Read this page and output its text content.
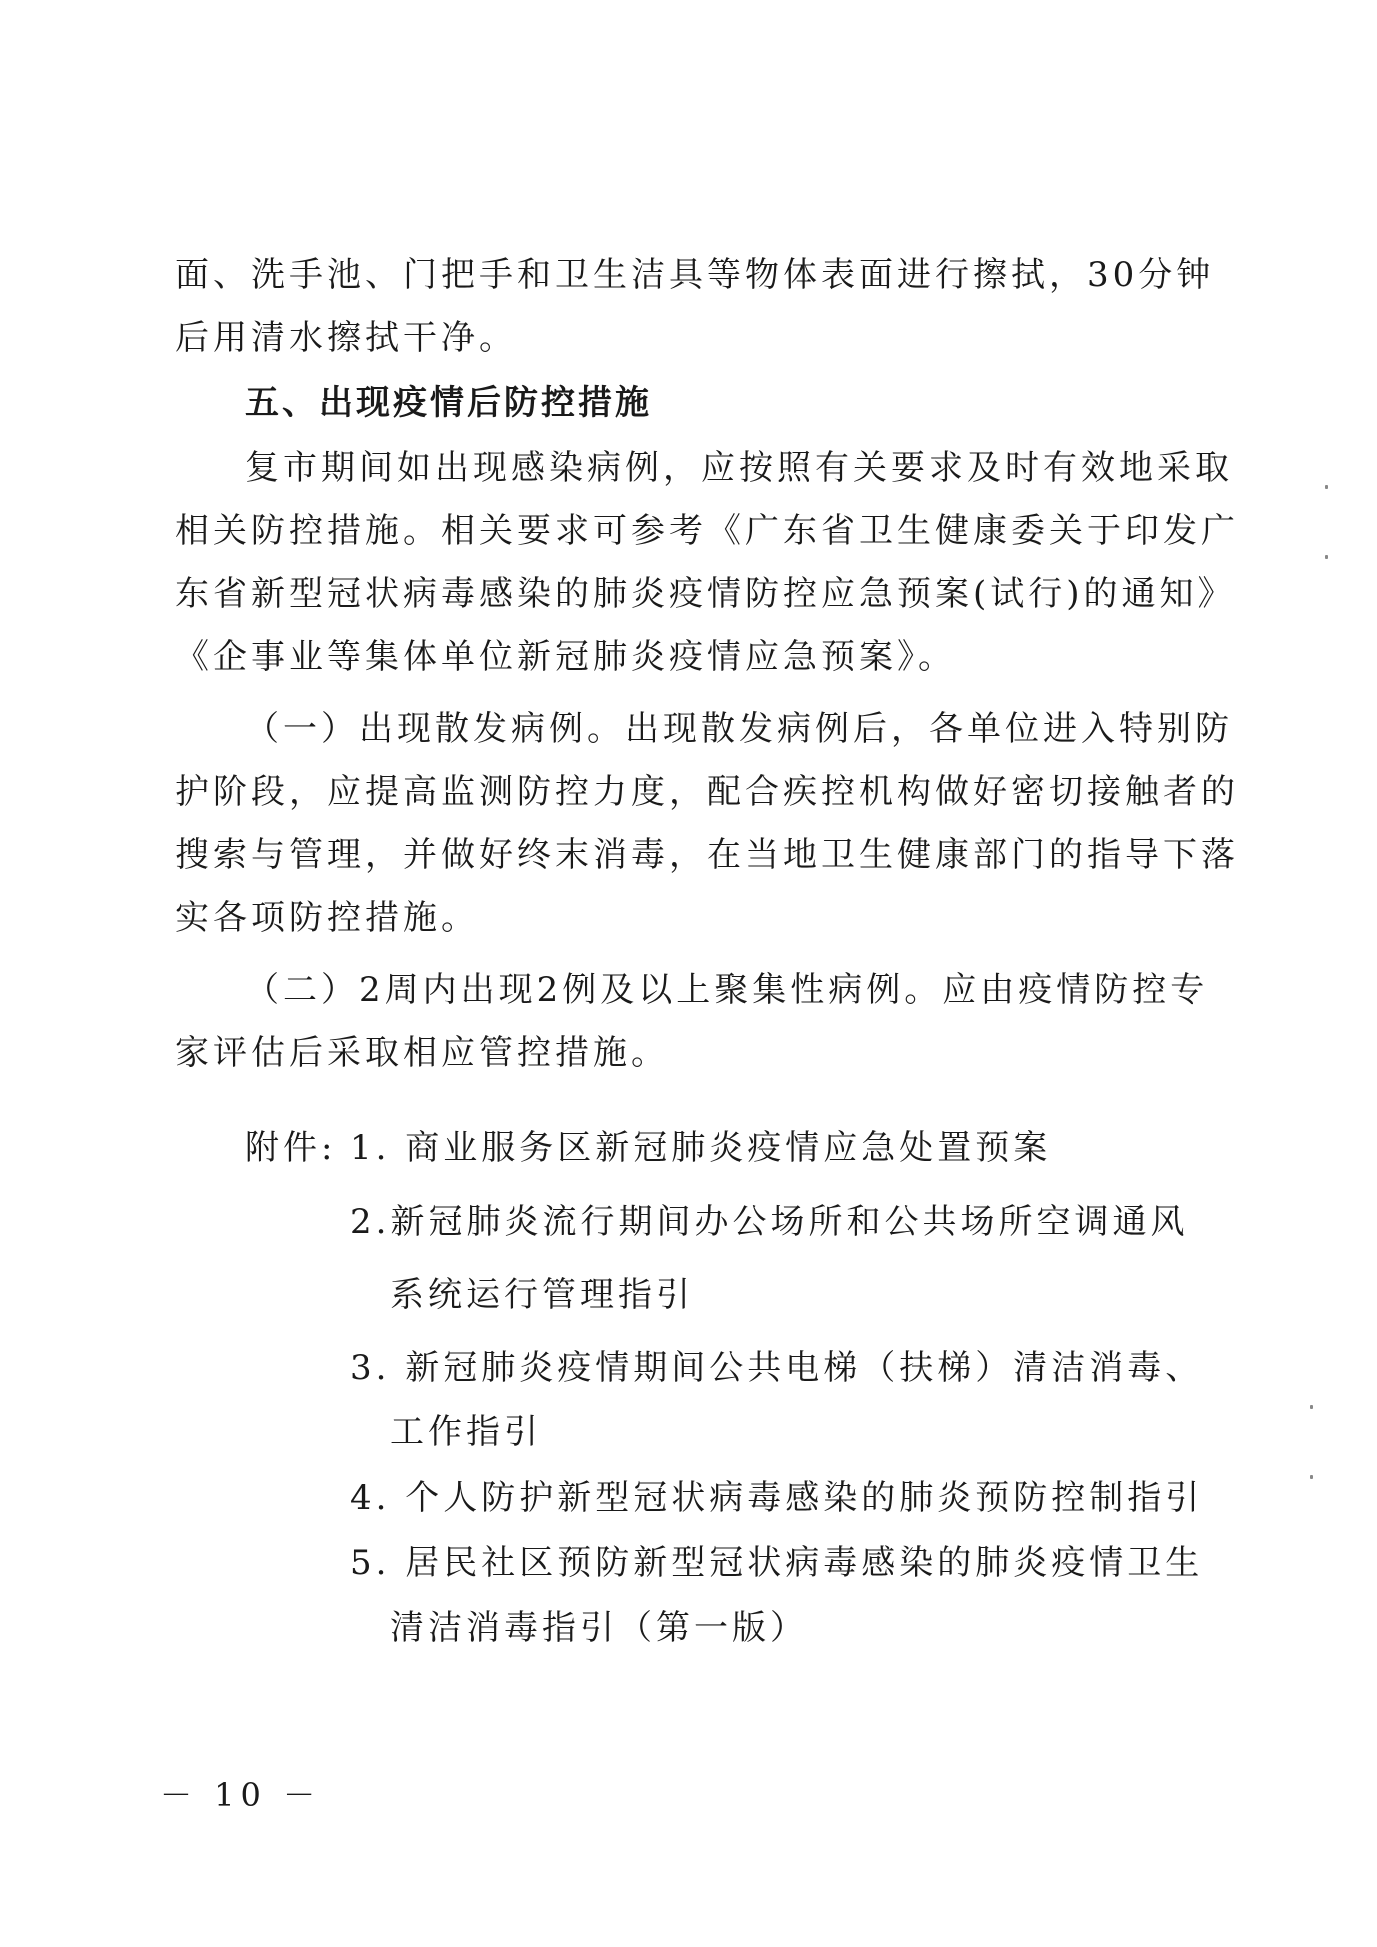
面、洗手池、门把手和卫生洁具等物体表面进行擦拭，30分钟
后用清水擦拭干净。
五、出现疫情后防控措施
复市期间如出现感染病例，应按照有关要求及时有效地采取
相关防控措施。相关要求可参考《广东省卫生健康委关于印发广
东省新型冠状病毒感染的肺炎疫情防控应急预案(试行)的通知》
《企事业等集体单位新冠肺炎疫情应急预案》。
（一）出现散发病例。出现散发病例后，各单位进入特别防
护阶段，应提高监测防控力度，配合疾控机构做好密切接触者的
搜索与管理，并做好终末消毒，在当地卫生健康部门的指导下落
实各项防控措施。
（二）2周内出现2例及以上聚集性病例。应由疫情防控专
家评估后采取相应管控措施。
附件: 1. 商业服务区新冠肺炎疫情应急处置预案
2.新冠肺炎流行期间办公场所和公共场所空调通风
系统运行管理指引
3. 新冠肺炎疫情期间公共电梯（扶梯）清洁消毒、
工作指引
4. 个人防护新型冠状病毒感染的肺炎预防控制指引
5. 居民社区预防新型冠状病毒感染的肺炎疫情卫生
清洁消毒指引（第一版）
－ 10 －
